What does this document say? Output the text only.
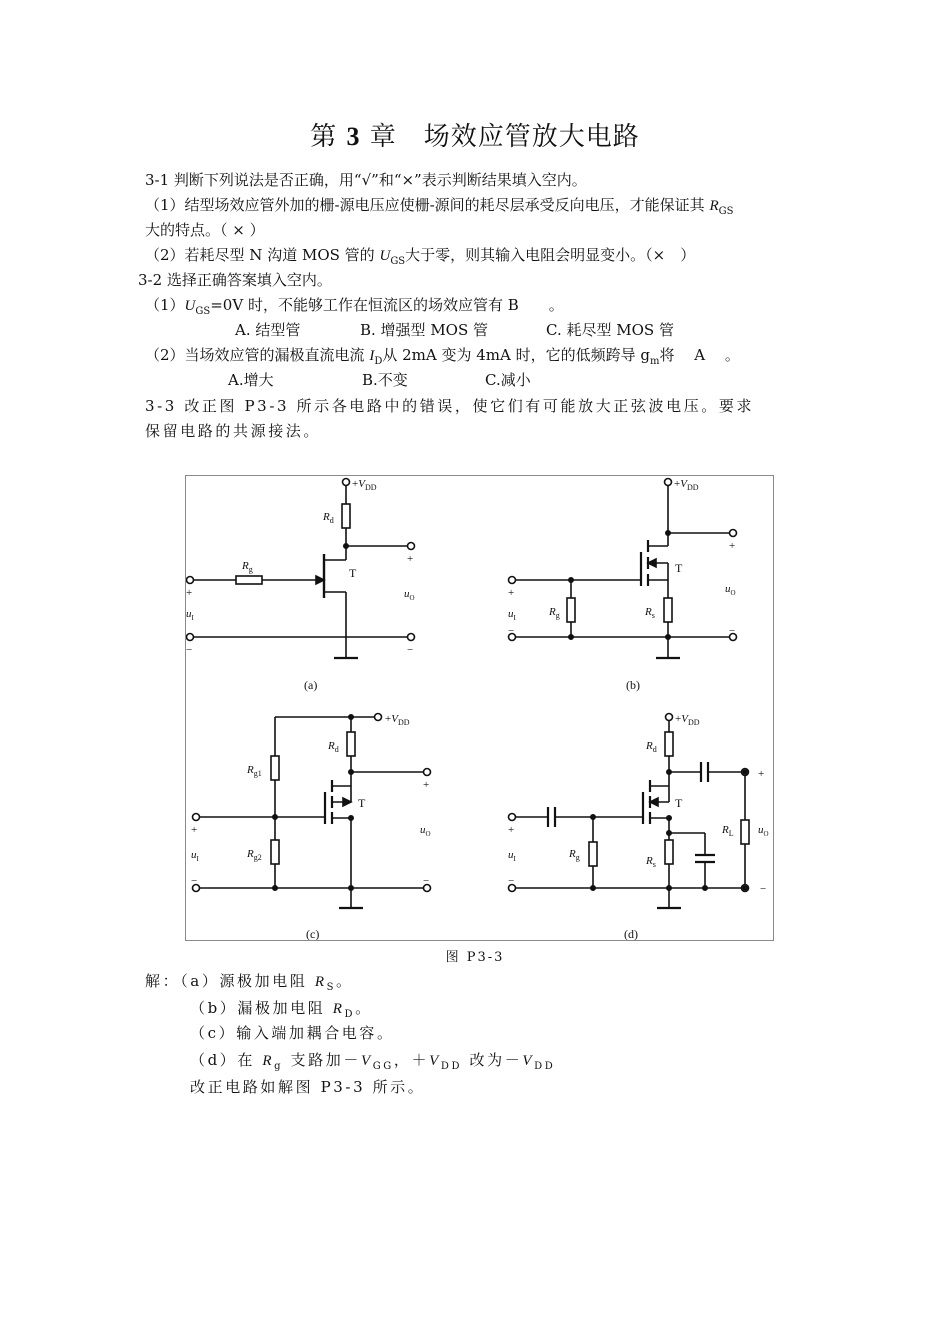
第 3 章　场效应管放大电路
3-1 判断下列说法是否正确，用“√”和“×”表示判断结果填入空内。
（1）结型场效应管外加的栅-源电压应使栅-源间的耗尽层承受反向电压，才能保证其 $R_{GS}$
大的特点。（ × ）
（2）若耗尽型 N 沟道 MOS 管的 $U_{GS}$大于零，则其输入电阻会明显变小。（×　）
3-2 选择正确答案填入空内。
$(1)U_{GS}=0V$ 时，不能够工作在恒流区的场效应管有 B　　。
A. 结型管	B. 增强型 MOS 管	C. 耗尽型 MOS 管
（2）当场效应管的漏极直流电流 $I_D$从 2mA 变为 4mA 时，它的低频跨导 $g_m$将　 A　 。
A.增大	B.不变	C.减小
3-3 改正图 P3-3 所示各电路中的错误，使它们有可能放大正弦波电压。要求
保留电路的共源接法。
$+V_{DD}$
$R_d$
$R_g$	T
+
$u_O$
−
+
$u_I$
−
(a)
$+V_{DD}$
T
$R_s$
$R_g$
+
$u_O$
−
+
$u_I$
−
(b)
$+V_{DD}$
$R_d$
T
$R_{g1}$
$R_{g2}$
+
$u_O$
−
+
$u_I$
−
(c)
$+V_{DD}$
$R_d$
T
$R_s$
$R_g$
$R_L$
+
$u_O$
−
+
$u_I$
−
(d)
图 P3-3
解：（a）源极加电阻 $R_S$。
（b）漏极加电阻 $R_D$。
（c）输入端加耦合电容。
（d）在 $R_g$ 支路加$-V_{GG}$，$+V_{DD}$ 改为$-V_{DD}$
改正电路如解图 P3-3 所示。
